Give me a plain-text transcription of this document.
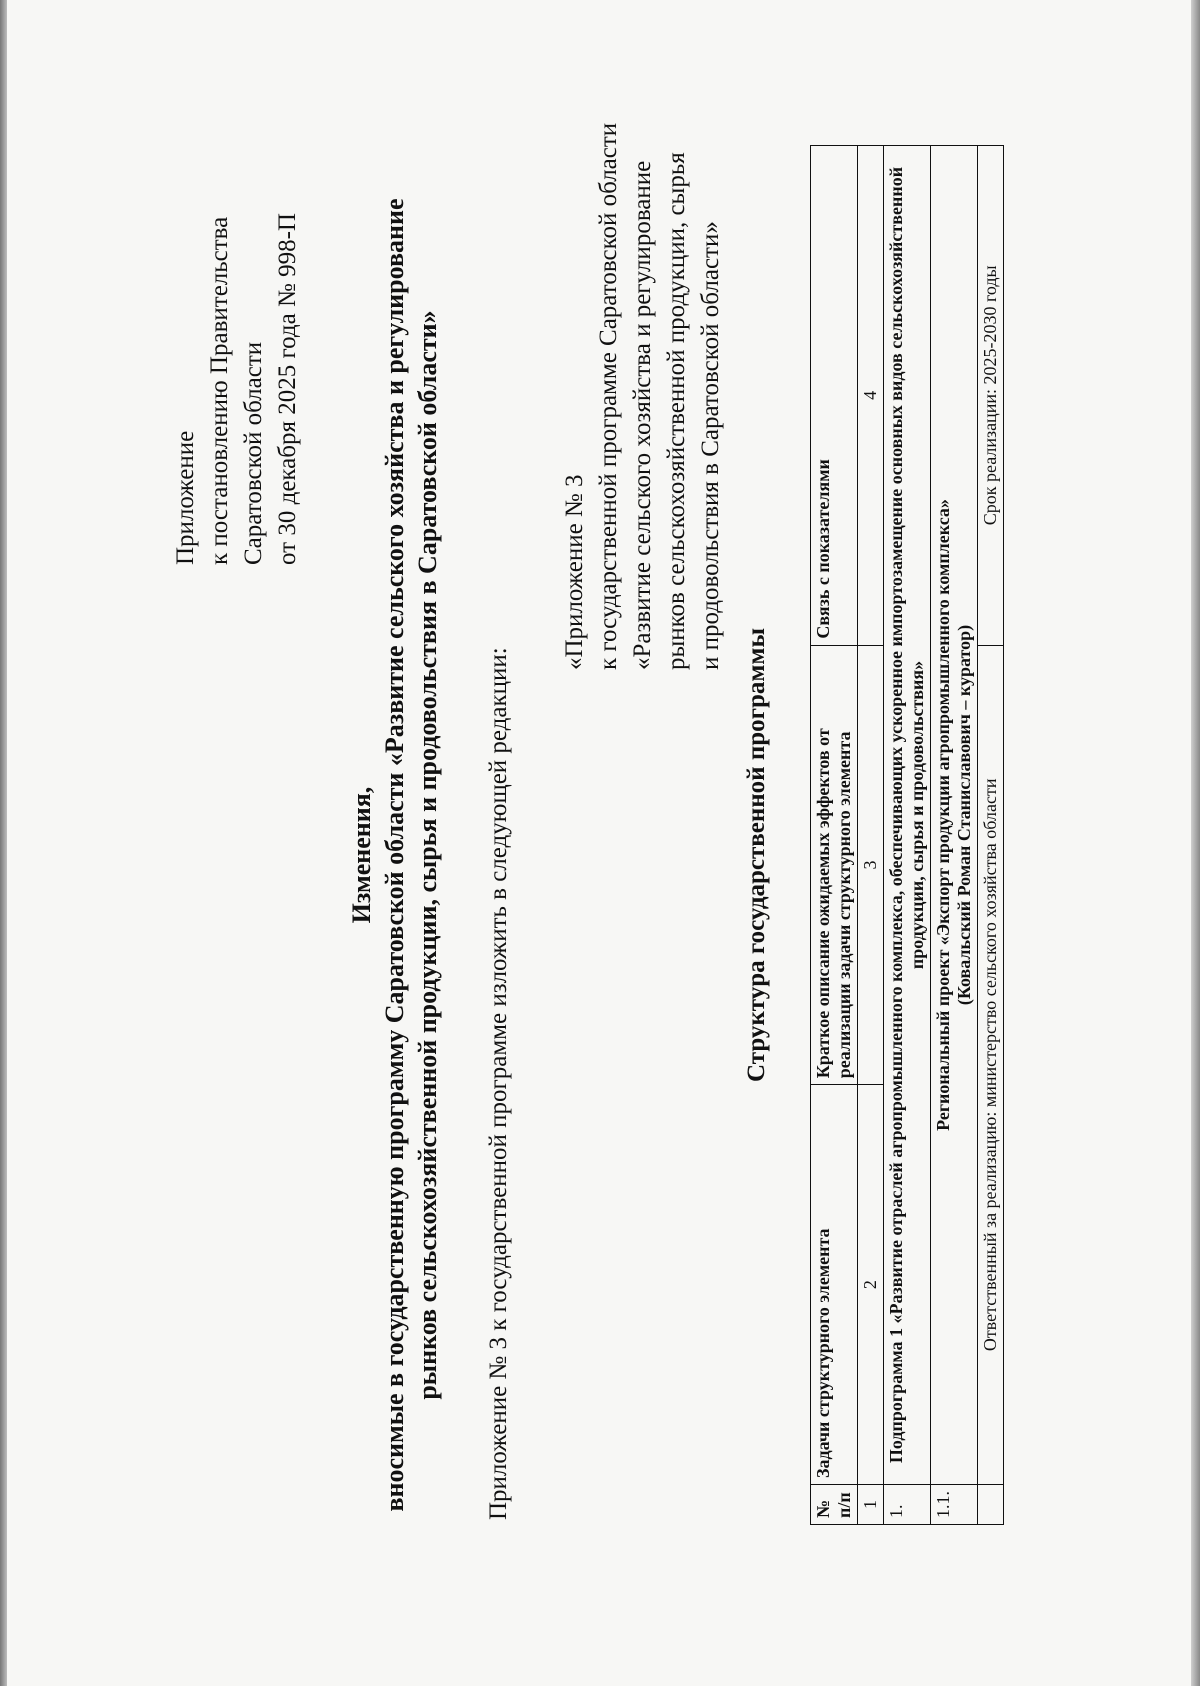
Приложение к постановлению Правительства Саратовской области от 30 декабря 2025 года № 998-П
Изменения, вносимые в государственную программу Саратовской области «Развитие сельского хозяйства и регулирование рынков сельскохозяйственной продукции, сырья и продовольствия в Саратовской области» Приложение № 3 к государственной программе изложить в следующей редакции:
«Приложение № 3 к государственной программе Саратовской области «Развитие сельского хозяйства и регулирование рынков сельскохозяйственной продукции, сырья и продовольствия в Саратовской области»
Структура государственной программы
№ п/п	Задачи структурного элемента	Краткое описание ожидаемых эффектов от реализации задачи структурного элемента	Связь с показателями
1	2	3	4
1.	Подпрограмма 1 «Развитие отраслей агропромышленного комплекса, обеспечивающих ускоренное импортозамещение основных видов сельскохозяйственной продукции, сырья и продовольствия»		
1.1.	Региональный проект «Экспорт продукции агропромышленного комплекса» (Ковальский Роман Станиславович – куратор)		

	Ответственный за реализацию: министерство сельского хозяйства области		Срок реализации: 2025-2030 годы
